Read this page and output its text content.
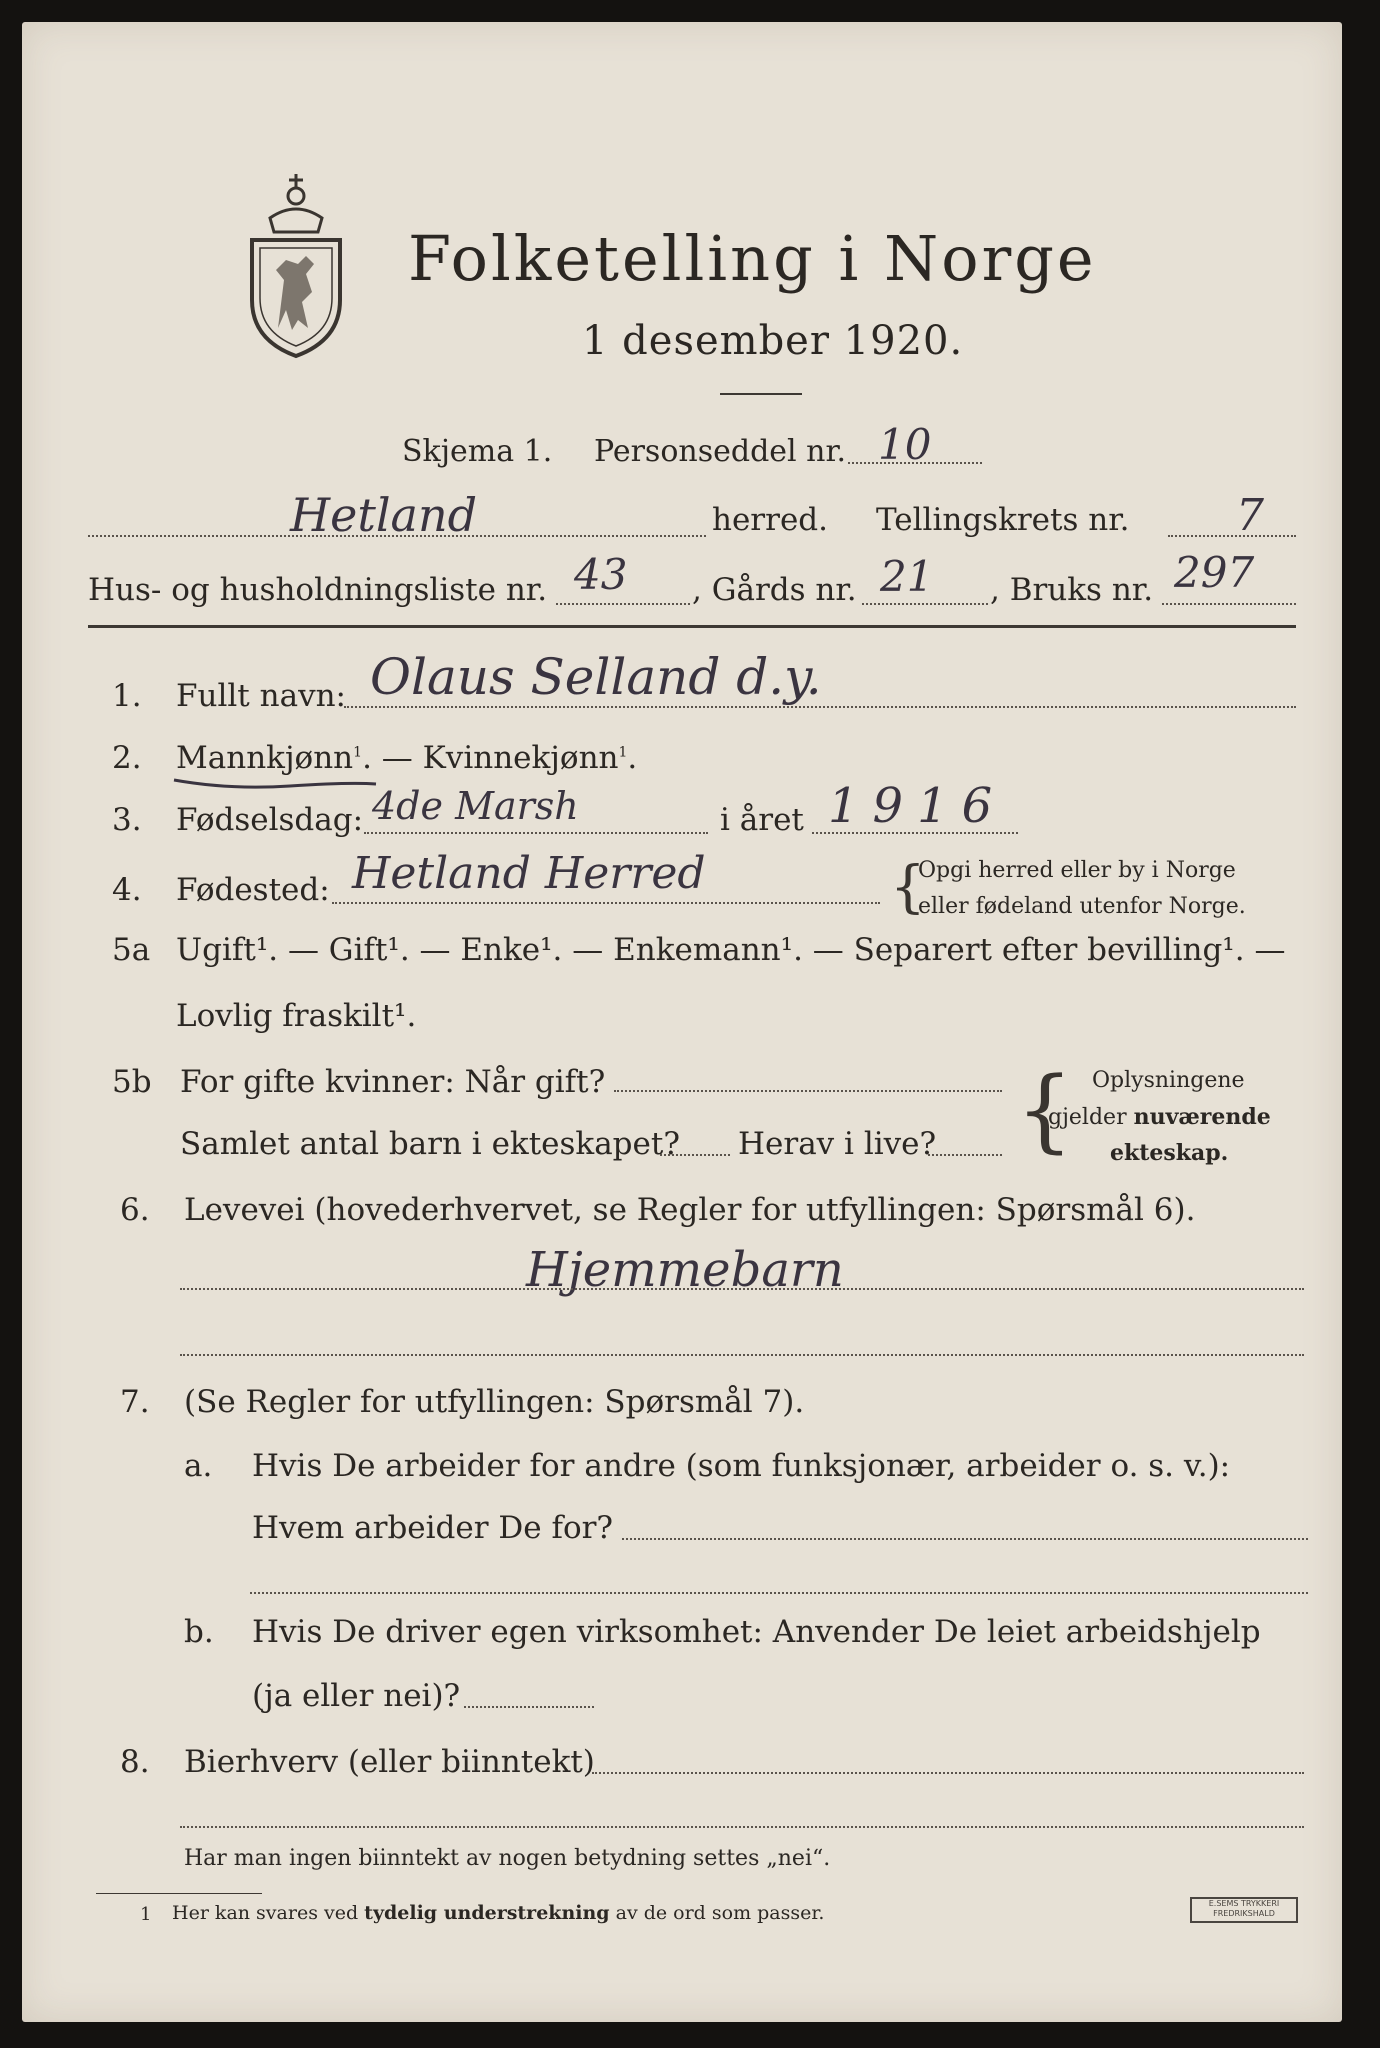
Folketelling i Norge
1 desember 1920.
Skjema 1. Personseddel nr. 10
Hetland	herred. Tellingskrets nr. 7
Hus- og husholdningsliste nr. 43 , Gårds nr. 21 , Bruks nr. 297
1. Fullt navn: Olaus Selland d.y.
2. Mannkjønn$^1$. — Kvinnekjønn$^1$.
3. Fødselsdag: 4de Marsh	i året 1916
4. Fødested: Hetland Herred	{
Opgi herred eller by i Norge
eller fødeland utenfor Norge.
5a Ugift¹. — Gift¹. — Enke¹. — Enkemann¹. — Separert efter bevilling¹. —
Lovlig fraskilt¹.
5b For gifte kvinner: Når gift?
Samlet antal barn i ekteskapet? Herav i live? { Oplysningene
gjelder nuværende
ekteskap.
6. Levevei (hovederhvervet, se Regler for utfyllingen: Spørsmål 6).
Hjemmebarn
7. (Se Regler for utfyllingen: Spørsmål 7).
a. Hvis De arbeider for andre (som funksjonær, arbeider o. s. v.):
Hvem arbeider De for?
b. Hvis De driver egen virksomhet: Anvender De leiet arbeidshjelp
(ja eller nei)?
8. Bierhverv (eller biinntekt)
Har man ingen biinntekt av nogen betydning settes „nei“.
1 Her kan svares ved tydelig understrekning av de ord som passer.	E.SEMS TRYKKERI FREDRIKSHALD
